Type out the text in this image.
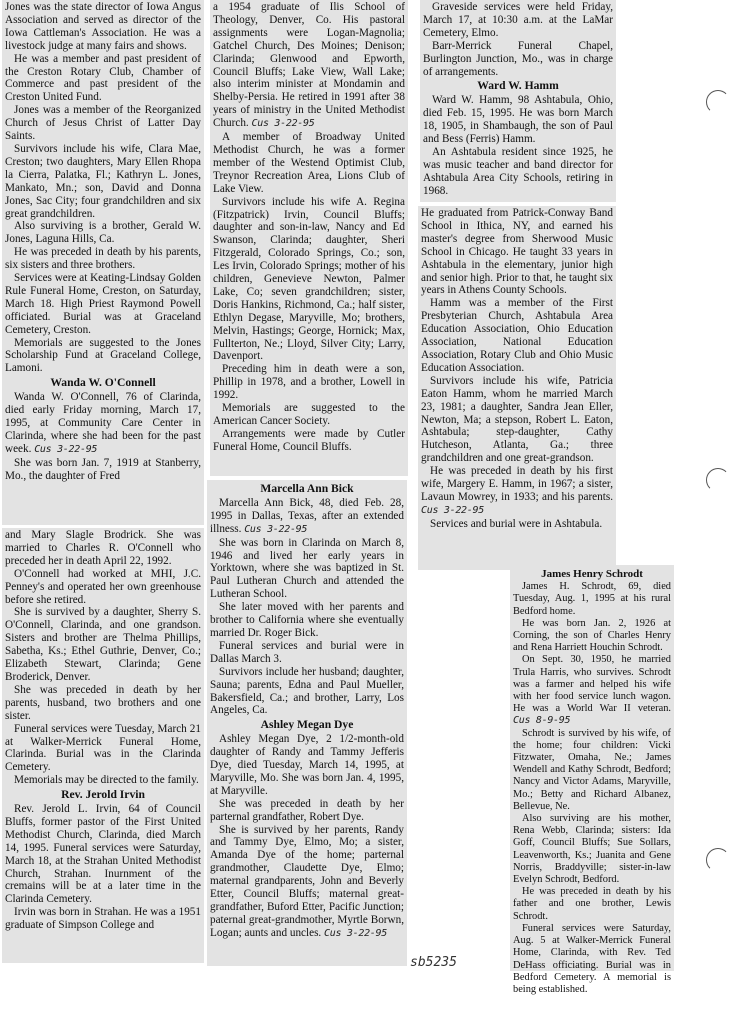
Jones was the state director of Iowa Angus Association and served as director of the Iowa Cattleman's Association. He was a livestock judge at many fairs and shows.

He was a member and past president of the Creston Rotary Club, Chamber of Commerce and past president of the Creston United Fund.

Jones was a member of the Reorganized Church of Jesus Christ of Latter Day Saints.

Survivors include his wife, Clara Mae, Creston; two daughters, Mary Ellen Rhopa la Cierra, Palatka, Fl.; Kathryn L. Jones, Mankato, Mn.; son, David and Donna Jones, Sac City; four grandchildren and six great grandchildren.

Also surviving is a brother, Gerald W. Jones, Laguna Hills, Ca.

He was preceded in death by his parents, six sisters and three brothers.

Services were at Keating-Lindsay Golden Rule Funeral Home, Creston, on Saturday, March 18. High Priest Raymond Powell officiated. Burial was at Graceland Cemetery, Creston.

Memorials are suggested to the Jones Scholarship Fund at Graceland College, Lamoni.

Wanda W. O'Connell

Wanda W. O'Connell, 76 of Clarinda, died early Friday morning, March 17, 1995, at Community Care Center in Clarinda, where she had been for the past week. Cus 3-22-95

She was born Jan. 7, 1919 at Stanberry, Mo., the daughter of Fred

and Mary Slagle Brodrick. She was married to Charles R. O'Connell who preceded her in death April 22, 1992.

O'Connell had worked at MHI, J.C. Penney's and operated her own greenhouse before she retired.

She is survived by a daughter, Sherry S. O'Connell, Clarinda, and one grandson. Sisters and brother are Thelma Phillips, Sabetha, Ks.; Ethel Guthrie, Denver, Co.; Elizabeth Stewart, Clarinda; Gene Broderick, Denver.

She was preceded in death by her parents, husband, two brothers and one sister.

Funeral services were Tuesday, March 21 at Walker-Merrick Funeral Home, Clarinda. Burial was in the Clarinda Cemetery.

Memorials may be directed to the family.

Rev. Jerold Irvin

Rev. Jerold L. Irvin, 64 of Council Bluffs, former pastor of the First United Methodist Church, Clarinda, died March 14, 1995. Funeral services were Saturday, March 18, at the Strahan United Methodist Church, Strahan. Inurnment of the cremains will be at a later time in the Clarinda Cemetery.

Irvin was born in Strahan. He was a 1951 graduate of Simpson College and

a 1954 graduate of Ilis School of Theology, Denver, Co. His pastoral assignments were Logan-Magnolia; Gatchel Church, Des Moines; Denison; Clarinda; Glenwood and Epworth, Council Bluffs; Lake View, Wall Lake; also interim minister at Mondamin and Shelby-Persia. He retired in 1991 after 38 years of ministry in the United Methodist Church. Cus 3-22-95

A member of Broadway United Methodist Church, he was a former member of the Westend Optimist Club, Treynor Recreation Area, Lions Club of Lake View.

Survivors include his wife A. Regina (Fitzpatrick) Irvin, Council Bluffs; daughter and son-in-law, Nancy and Ed Swanson, Clarinda; daughter, Sheri Fitzgerald, Colorado Springs, Co.; son, Les Irvin, Colorado Springs; mother of his children, Genevieve Newton, Palmer Lake, Co; seven grandchildren; sister, Doris Hankins, Richmond, Ca.; half sister, Ethlyn Degase, Maryville, Mo; brothers, Melvin, Hastings; George, Hornick; Max, Fullterton, Ne.; Lloyd, Silver City; Larry, Davenport.

Preceding him in death were a son, Phillip in 1978, and a brother, Lowell in 1992.

Memorials are suggested to the American Cancer Society.

Arrangements were made by Cutler Funeral Home, Council Bluffs.

Marcella Ann Bick

Marcella Ann Bick, 48, died Feb. 28, 1995 in Dallas, Texas, after an extended illness. Cus 3-22-95

She was born in Clarinda on March 8, 1946 and lived her early years in Yorktown, where she was baptized in St. Paul Lutheran Church and attended the Lutheran School.

She later moved with her parents and brother to California where she eventually married Dr. Roger Bick.

Funeral services and burial were in Dallas March 3.

Survivors include her husband; daughter, Sauna; parents, Edna and Paul Mueller, Bakersfield, Ca.; and brother, Larry, Los Angeles, Ca.

Ashley Megan Dye

Ashley Megan Dye, 2 1/2-month-old daughter of Randy and Tammy Jefferis Dye, died Tuesday, March 14, 1995, at Maryville, Mo. She was born Jan. 4, 1995, at Maryville.

She was preceded in death by her parternal grandfather, Robert Dye.

She is survived by her parents, Randy and Tammy Dye, Elmo, Mo; a sister, Amanda Dye of the home; parternal grandmother, Claudette Dye, Elmo; maternal grandparents, John and Beverly Etter, Council Bluffs; maternal great-grandfather, Buford Etter, Pacific Junction; paternal great-grandmother, Myrtle Borwn, Logan; aunts and uncles. Cus 3-22-95

Graveside services were held Friday, March 17, at 10:30 a.m. at the LaMar Cemetery, Elmo.

Barr-Merrick Funeral Chapel, Burlington Junction, Mo., was in charge of arrangements.

Ward W. Hamm

Ward W. Hamm, 98 Ashtabula, Ohio, died Feb. 15, 1995. He was born March 18, 1905, in Shambaugh, the son of Paul and Bess (Ferris) Hamm.

An Ashtabula resident since 1925, he was music teacher and band director for Ashtabula Area City Schools, retiring in 1968.

He graduated from Patrick-Conway Band School in Ithica, NY, and earned his master's degree from Sherwood Music School in Chicago. He taught 33 years in Ashtabula in the elementary, junior high and senior high. Prior to that, he taught six years in Athens County Schools.

Hamm was a member of the First Presbyterian Church, Ashtabula Area Education Association, Ohio Education Association, National Education Association, Rotary Club and Ohio Music Education Association.

Survivors include his wife, Patricia Eaton Hamm, whom he married March 23, 1981; a daughter, Sandra Jean Eller, Newton, Ma; a stepson, Robert L. Eaton, Ashtabula; step-daughter, Cathy Hutcheson, Atlanta, Ga.; three grandchildren and one great-grandson.

He was preceded in death by his first wife, Margery E. Hamm, in 1967; a sister, Lavaun Mowrey, in 1933; and his parents. Cus 3-22-95

Services and burial were in Ashtabula.

James Henry Schrodt

James H. Schrodt, 69, died Tuesday, Aug. 1, 1995 at his rural Bedford home.

He was born Jan. 2, 1926 at Corning, the son of Charles Henry and Rena Harriett Houchin Schrodt.

On Sept. 30, 1950, he married Trula Harris, who survives. Schrodt was a farmer and helped his wife with her food service lunch wagon. He was a World War II veteran. Cus 8-9-95

Schrodt is survived by his wife, of the home; four children: Vicki Fitzwater, Omaha, Ne.; James Wendell and Kathy Schrodt, Bedford; Nancy and Victor Adams, Maryville, Mo.; Betty and Richard Albanez, Bellevue, Ne.

Also surviving are his mother, Rena Webb, Clarinda; sisters: Ida Goff, Council Bluffs; Sue Sollars, Leavenworth, Ks.; Juanita and Gene Norris, Braddyville; sister-in-law Evelyn Schrodt, Bedford.

He was preceded in death by his father and one brother, Lewis Schrodt.

Funeral services were Saturday, Aug. 5 at Walker-Merrick Funeral Home, Clarinda, with Rev. Ted DeHass officiating. Burial was in Bedford Cemetery. A memorial is being established.

sb5235
